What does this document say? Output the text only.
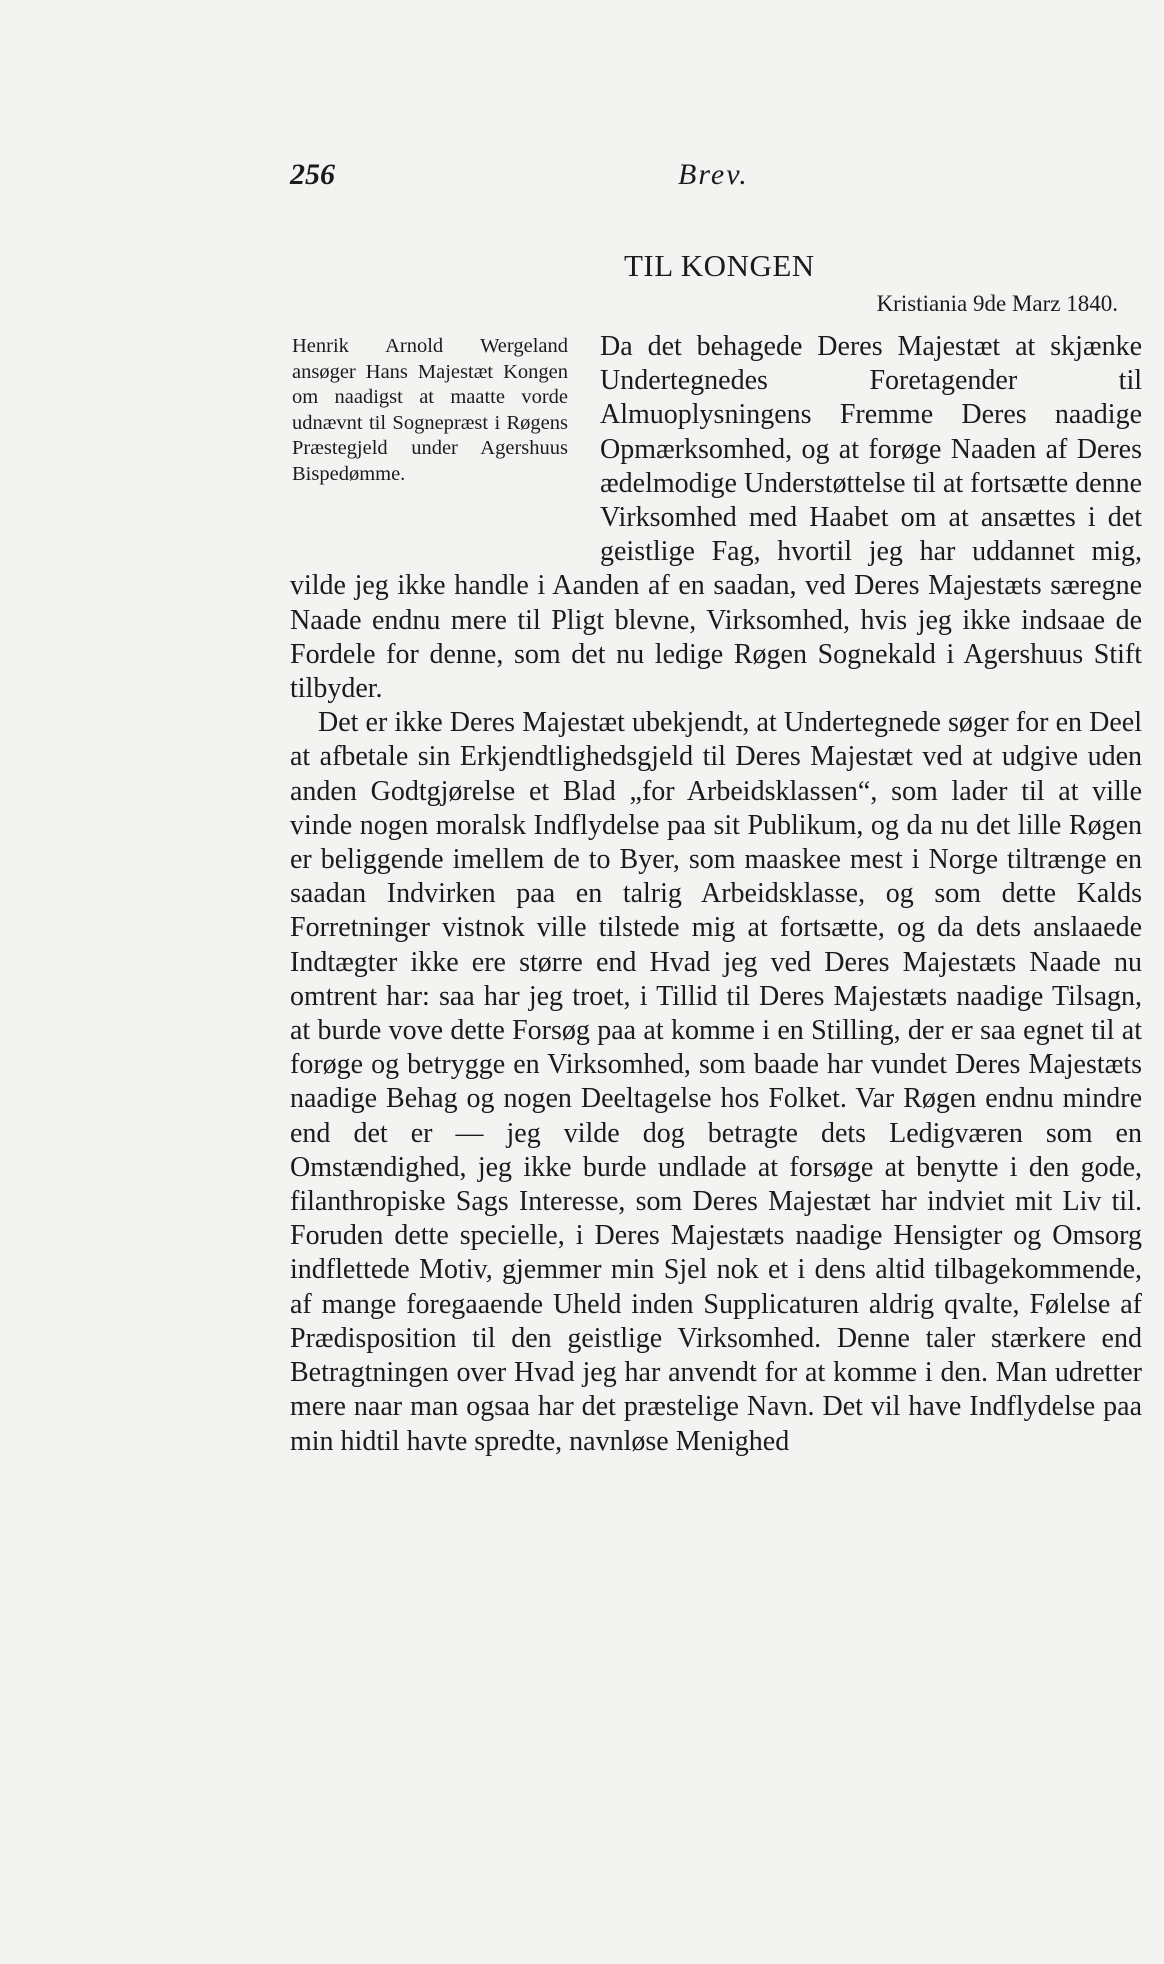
256	Brev.
TIL KONGEN
Kristiania 9de Marz 1840.
Henrik Arnold Wergeland ansøger Hans Majestæt Kongen om naadigst at maatte vorde udnævnt til Sognepræst i Røgens Præstegjeld under Agershuus Bispedømme.

Da det behagede Deres Majestæt at skjænke Undertegnedes Foretagender til Almuoplysningens Fremme Deres naadige Opmærksomhed, og at forøge Naaden af Deres ædelmodige Understøttelse til at fortsætte denne Virksomhed med Haabet om at ansættes i det geistlige Fag, hvortil jeg har uddannet mig, vilde jeg ikke handle i Aanden af en saadan, ved Deres Majestæts særegne Naade endnu mere til Pligt blevne, Virksomhed, hvis jeg ikke indsaae de Fordele for denne, som det nu ledige Røgen Sognekald i Agershuus Stift tilbyder.

Det er ikke Deres Majestæt ubekjendt, at Undertegnede søger for en Deel at afbetale sin Erkjendtlighedsgjeld til Deres Majestæt ved at udgive uden anden Godtgjørelse et Blad „for Arbeidsklassen“, som lader til at ville vinde nogen moralsk Indflydelse paa sit Publikum, og da nu det lille Røgen er beliggende imellem de to Byer, som maaskee mest i Norge tiltrænge en saadan Indvirken paa en talrig Arbeidsklasse, og som dette Kalds Forretninger vistnok ville tilstede mig at fortsætte, og da dets anslaaede Indtægter ikke ere større end Hvad jeg ved Deres Majestæts Naade nu omtrent har: saa har jeg troet, i Tillid til Deres Majestæts naadige Tilsagn, at burde vove dette Forsøg paa at komme i en Stilling, der er saa egnet til at forøge og betrygge en Virksomhed, som baade har vundet Deres Majestæts naadige Behag og nogen Deeltagelse hos Folket. Var Røgen endnu mindre end det er — jeg vilde dog betragte dets Ledigværen som en Omstændighed, jeg ikke burde undlade at forsøge at benytte i den gode, filanthropiske Sags Interesse, som Deres Majestæt har indviet mit Liv til. Foruden dette specielle, i Deres Majestæts naadige Hensigter og Omsorg indflettede Motiv, gjemmer min Sjel nok et i dens altid tilbagekommende, af mange foregaaende Uheld inden Supplicaturen aldrig qvalte, Følelse af Prædisposition til den geistlige Virksomhed. Denne taler stærkere end Betragtningen over Hvad jeg har anvendt for at komme i den. Man udretter mere naar man ogsaa har det præstelige Navn. Det vil have Indflydelse paa min hidtil havte spredte, navnløse Menighed
